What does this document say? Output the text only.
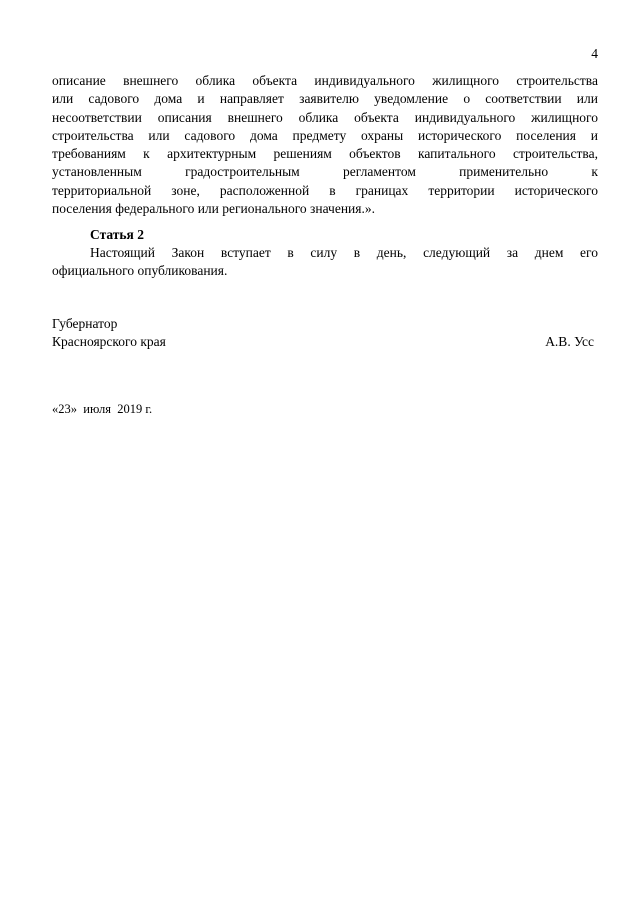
4
описание внешнего облика объекта индивидуального жилищного строительства
или садового дома и направляет заявителю уведомление о соответствии или
несоответствии описания внешнего облика объекта индивидуального жилищного
строительства или садового дома предмету охраны исторического поселения и
требованиям к архитектурным решениям объектов капитального строительства,
установленным градостроительным регламентом применительно к
территориальной зоне, расположенной в границах территории исторического
поселения федерального или регионального значения.».
Статья 2
Настоящий Закон вступает в силу в день, следующий за днем его
официального опубликования.
Губернатор
Красноярского края	А.В. Усс
«23»  июля  2019 г.
